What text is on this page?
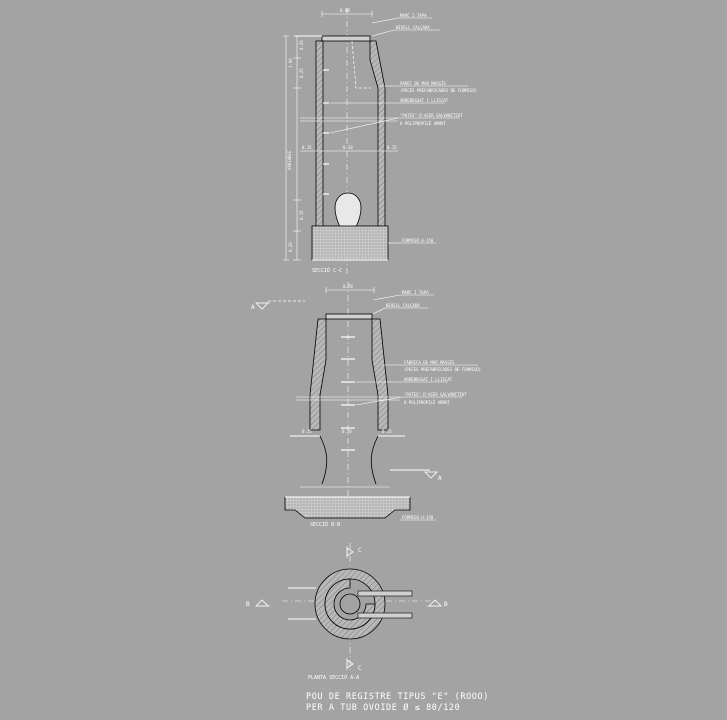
0.0Ø
0.15	0.20	0.15
0.20
0.25
1.00
0.15
0.20
VARIABLE
MARC I TAPA
NIVELL CALÇADA
PARET DE MAÓ MASSÍS
(PECES PREFABRICADES DE FORMIGÓ)
ARREBOSSAT I LLISCAT
"PATES" D'ACER GALVANITZAT
O POLIPROPILÈ ARMAT
FORMIGÓ H-150
SECCIÓ C-C
0.70
A
0.15	0.20	0.15
A
MARC I TAPA
NIVELL CALÇADA
FÀBRICA DE MAÓ MASSÍS
(PECES PREFABRICADES DE FORMIGÓ)
ARREBOSSAT I LLISCAT
"PATES" D'ACER GALVANITZAT
O POLIPROPILÈ ARMAT
FORMIGÓ H-150
SECCIÓ B-B
C
C
B	B
PLANTA SECCIÓ A-A
POU DE REGISTRE TIPUS "E" (ROOO)
PER A TUB OVOIDE Ø ≤ 80/120
